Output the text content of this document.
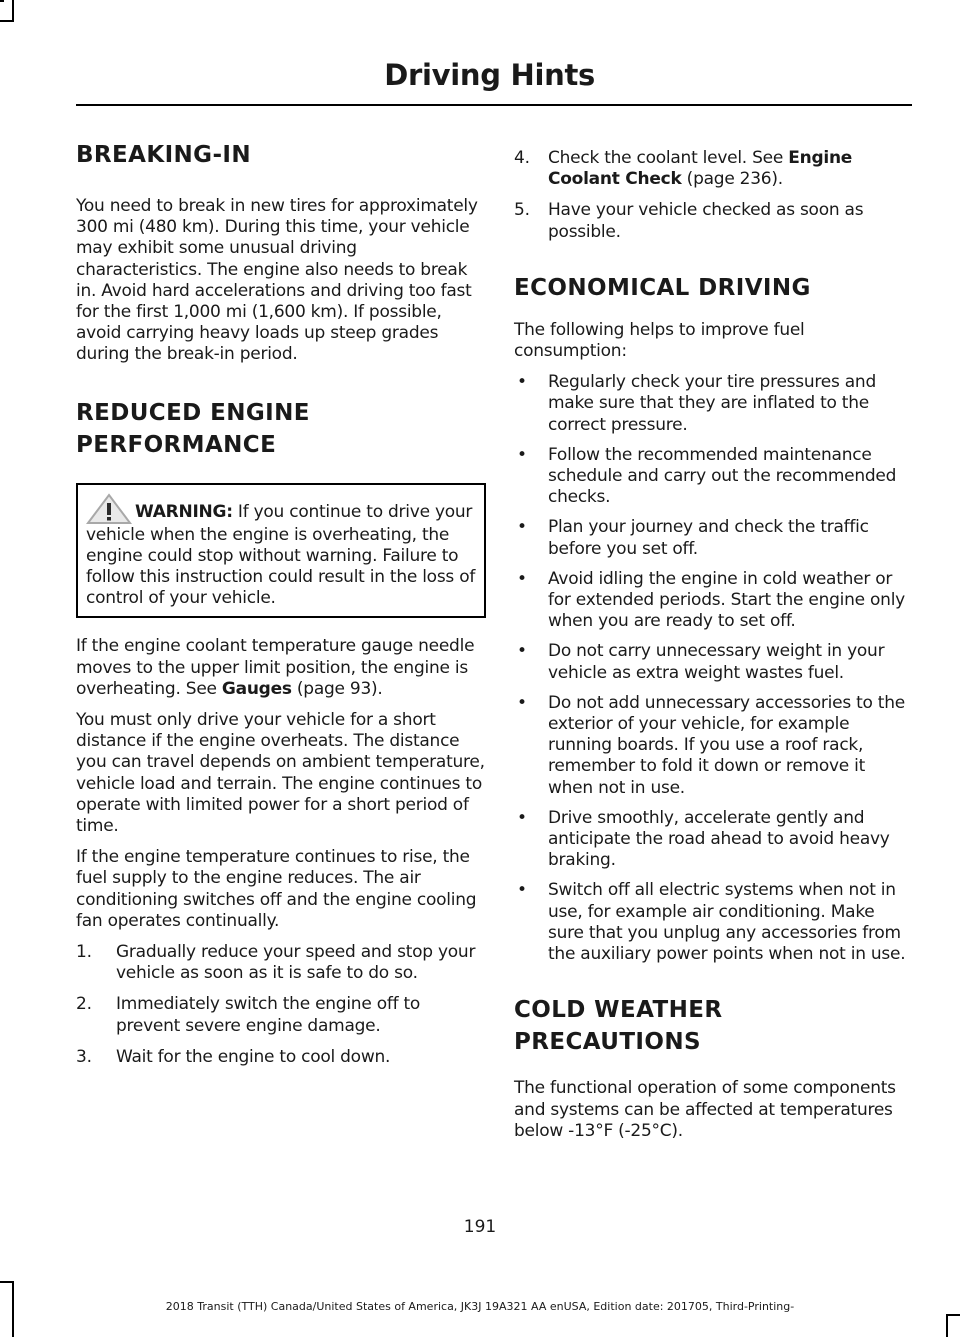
Driving Hints
BREAKING-IN

You need to break in new tires for approximately 300 mi (480 km). During this time, your vehicle may exhibit some unusual driving characteristics. The engine also needs to break in. Avoid hard accelerations and driving too fast for the first 1,000 mi (1,600 km). If possible, avoid carrying heavy loads up steep grades during the break-in period.

REDUCED ENGINE
PERFORMANCE
WARNING: If you continue to drive your vehicle when the engine is overheating, the engine could stop without warning. Failure to follow this instruction could result in the loss of control of your vehicle.

If the engine coolant temperature gauge needle moves to the upper limit position, the engine is overheating. See Gauges (page 93).

You must only drive your vehicle for a short distance if the engine overheats. The distance you can travel depends on ambient temperature, vehicle load and terrain. The engine continues to operate with limited power for a short period of time.

If the engine temperature continues to rise, the fuel supply to the engine reduces. The air conditioning switches off and the engine cooling fan operates continually.

1. Gradually reduce your speed and stop your vehicle as soon as it is safe to do so.
2. Immediately switch the engine off to prevent severe engine damage.
3. Wait for the engine to cool down.
4. Check the coolant level. See Engine Coolant Check (page 236).
5. Have your vehicle checked as soon as possible.
ECONOMICAL DRIVING

The following helps to improve fuel consumption:

• Regularly check your tire pressures and make sure that they are inflated to the correct pressure.
• Follow the recommended maintenance schedule and carry out the recommended checks.
• Plan your journey and check the traffic before you set off.
• Avoid idling the engine in cold weather or for extended periods. Start the engine only when you are ready to set off.
• Do not carry unnecessary weight in your vehicle as extra weight wastes fuel.
• Do not add unnecessary accessories to the exterior of your vehicle, for example running boards. If you use a roof rack, remember to fold it down or remove it when not in use.
• Drive smoothly, accelerate gently and anticipate the road ahead to avoid heavy braking.
• Switch off all electric systems when not in use, for example air conditioning. Make sure that you unplug any accessories from the auxiliary power points when not in use.
COLD WEATHER
PRECAUTIONS

The functional operation of some components and systems can be affected at temperatures below -13°F (-25°C).

191
2018 Transit (TTH) Canada/United States of America, JK3J 19A321 AA enUSA, Edition date: 201705, Third-Printing-
